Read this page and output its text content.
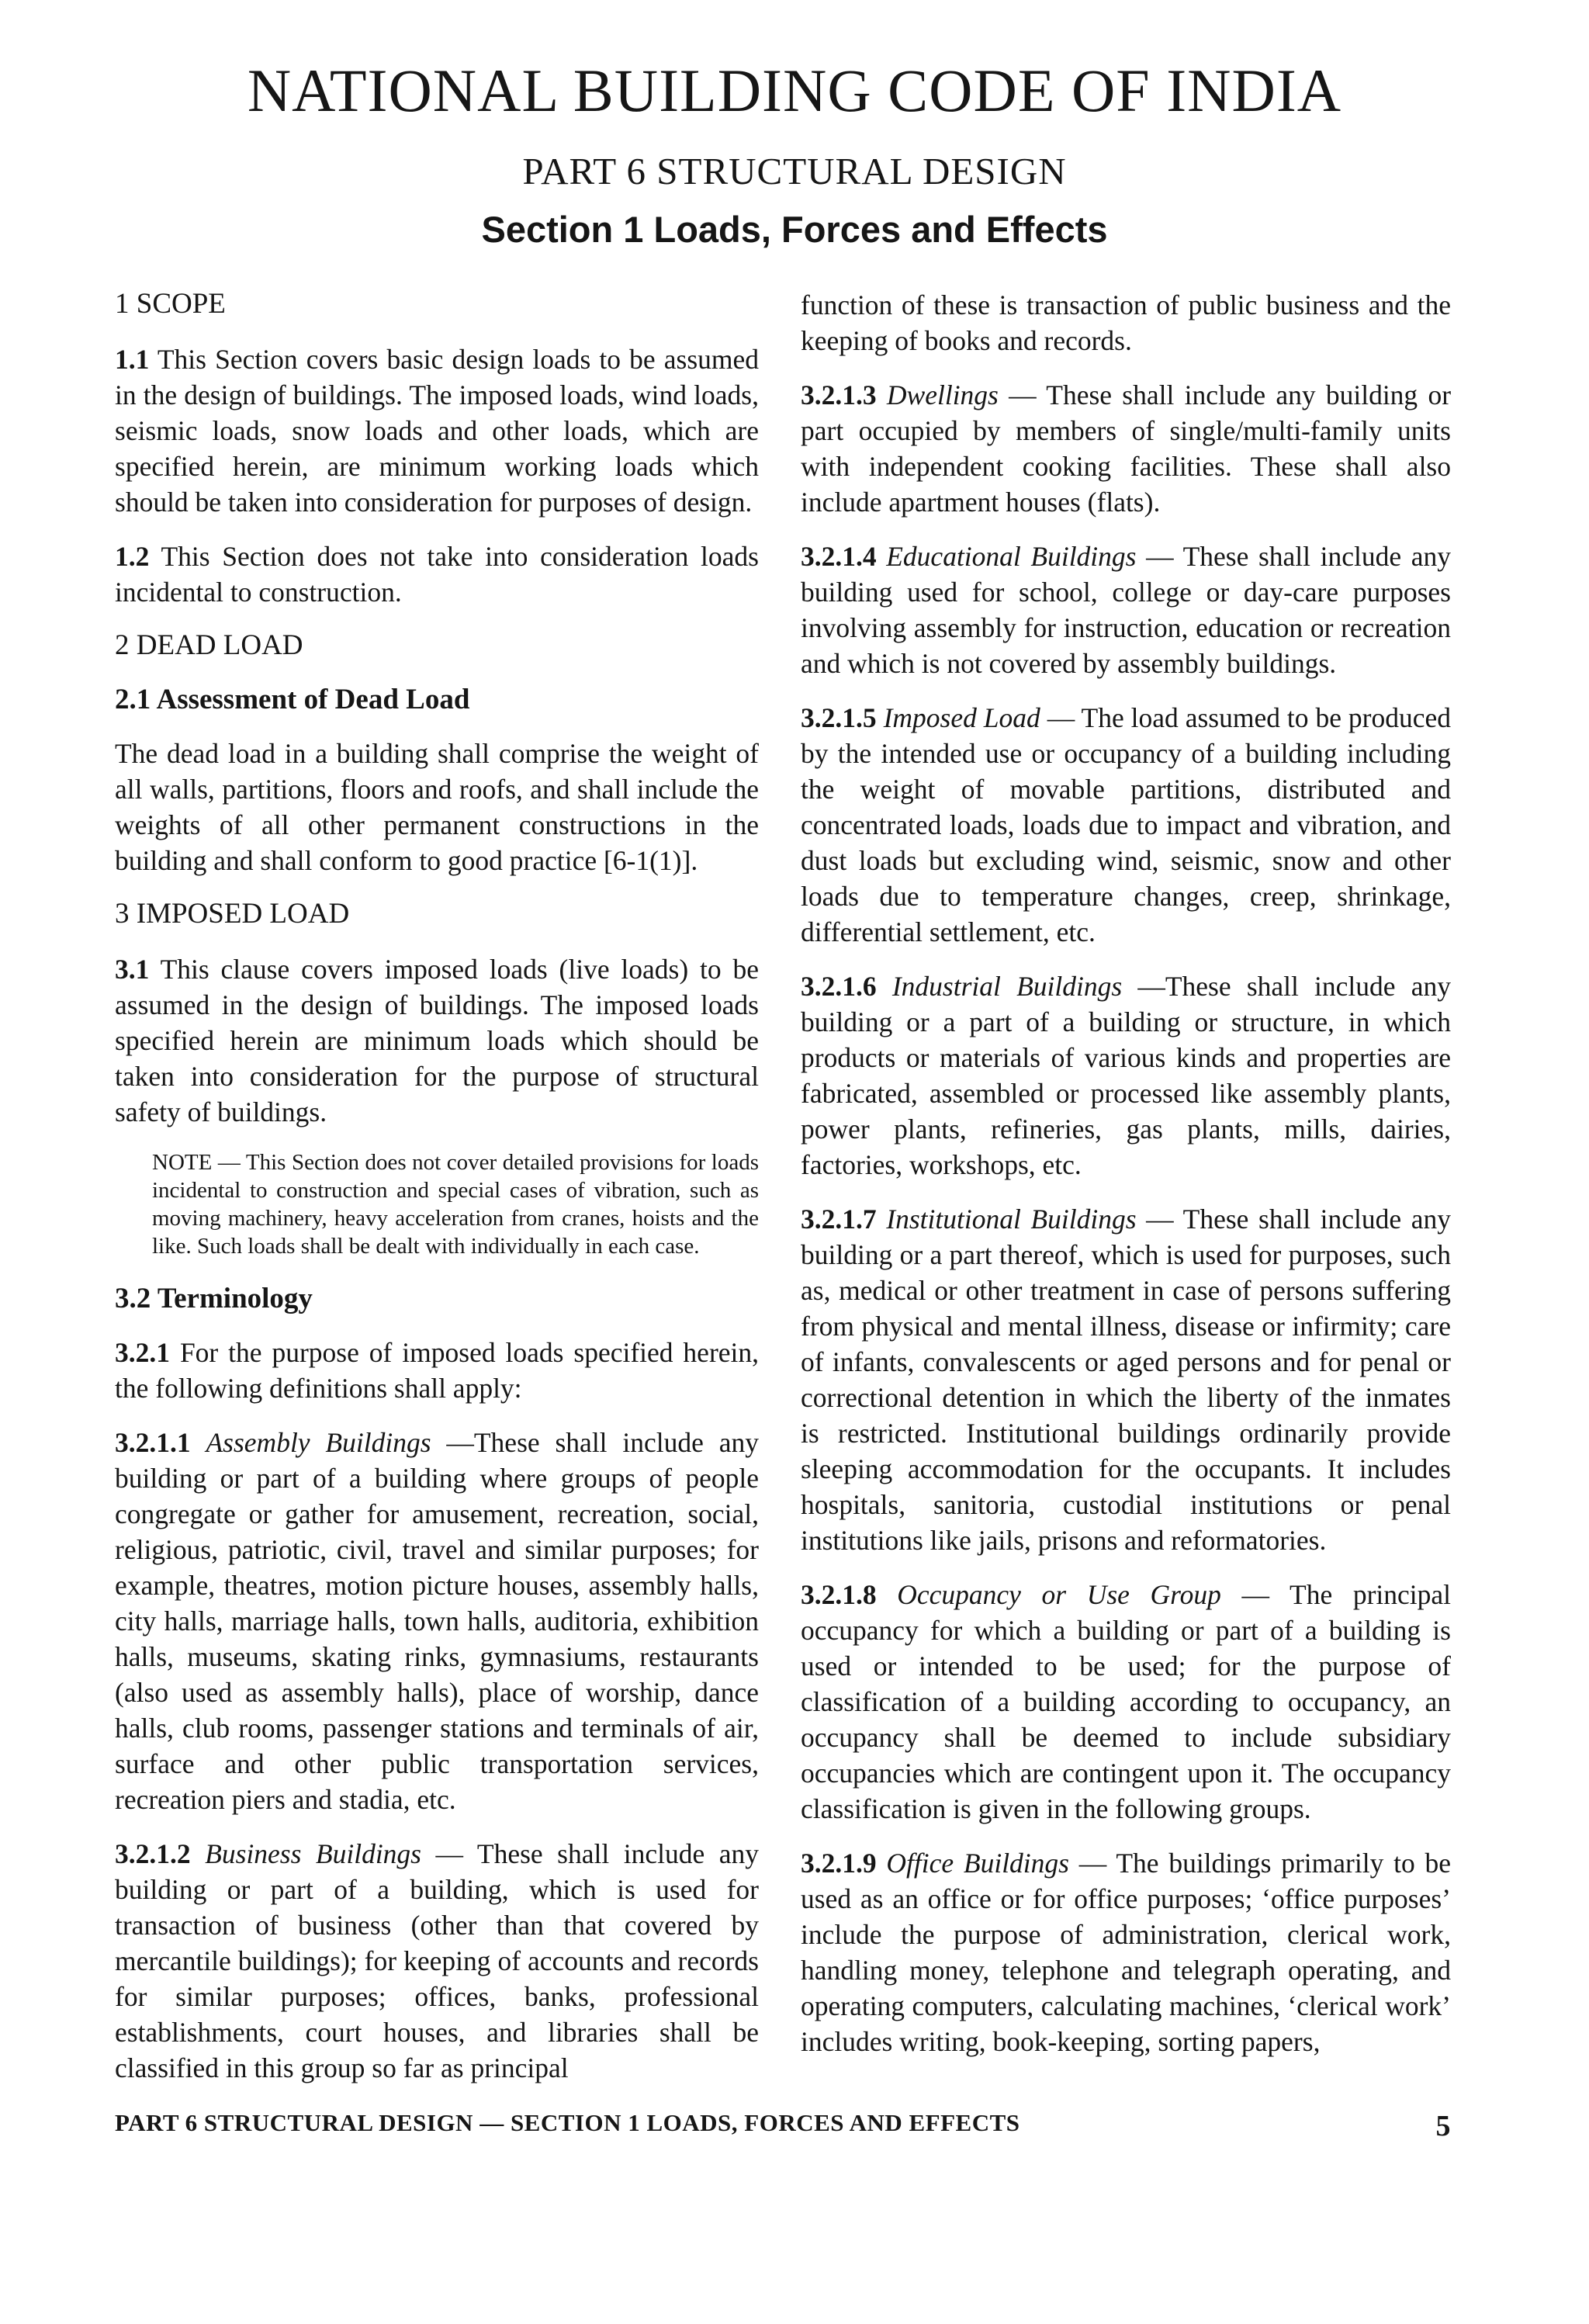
NATIONAL BUILDING CODE OF INDIA
PART 6 STRUCTURAL DESIGN
Section 1 Loads, Forces and Effects
1 SCOPE

1.1 This Section covers basic design loads to be assumed in the design of buildings. The imposed loads, wind loads, seismic loads, snow loads and other loads, which are specified herein, are minimum working loads which should be taken into consideration for purposes of design.

1.2 This Section does not take into consideration loads incidental to construction.

2 DEAD LOAD
2.1 Assessment of Dead Load

The dead load in a building shall comprise the weight of all walls, partitions, floors and roofs, and shall include the weights of all other permanent constructions in the building and shall conform to good practice [6-1(1)].

3 IMPOSED LOAD

3.1 This clause covers imposed loads (live loads) to be assumed in the design of buildings. The imposed loads specified herein are minimum loads which should be taken into consideration for the purpose of structural safety of buildings.

NOTE — This Section does not cover detailed provisions for loads incidental to construction and special cases of vibration, such as moving machinery, heavy acceleration from cranes, hoists and the like. Such loads shall be dealt with individually in each case.
3.2 Terminology

3.2.1 For the purpose of imposed loads specified herein, the following definitions shall apply:

3.2.1.1 Assembly Buildings —These shall include any building or part of a building where groups of people congregate or gather for amusement, recreation, social, religious, patriotic, civil, travel and similar purposes; for example, theatres, motion picture houses, assembly halls, city halls, marriage halls, town halls, auditoria, exhibition halls, museums, skating rinks, gymnasiums, restaurants (also used as assembly halls), place of worship, dance halls, club rooms, passenger stations and terminals of air, surface and other public transportation services, recreation piers and stadia, etc.

3.2.1.2 Business Buildings — These shall include any building or part of a building, which is used for transaction of business (other than that covered by mercantile buildings); for keeping of accounts and records for similar purposes; offices, banks, professional establishments, court houses, and libraries shall be classified in this group so far as principal

function of these is transaction of public business and the keeping of books and records.

3.2.1.3 Dwellings — These shall include any building or part occupied by members of single/multi-family units with independent cooking facilities. These shall also include apartment houses (flats).

3.2.1.4 Educational Buildings — These shall include any building used for school, college or day-care purposes involving assembly for instruction, education or recreation and which is not covered by assembly buildings.

3.2.1.5 Imposed Load — The load assumed to be produced by the intended use or occupancy of a building including the weight of movable partitions, distributed and concentrated loads, loads due to impact and vibration, and dust loads but excluding wind, seismic, snow and other loads due to temperature changes, creep, shrinkage, differential settlement, etc.

3.2.1.6 Industrial Buildings —These shall include any building or a part of a building or structure, in which products or materials of various kinds and properties are fabricated, assembled or processed like assembly plants, power plants, refineries, gas plants, mills, dairies, factories, workshops, etc.

3.2.1.7 Institutional Buildings — These shall include any building or a part thereof, which is used for purposes, such as, medical or other treatment in case of persons suffering from physical and mental illness, disease or infirmity; care of infants, convalescents or aged persons and for penal or correctional detention in which the liberty of the inmates is restricted. Institutional buildings ordinarily provide sleeping accommodation for the occupants. It includes hospitals, sanitoria, custodial institutions or penal institutions like jails, prisons and reformatories.

3.2.1.8 Occupancy or Use Group — The principal occupancy for which a building or part of a building is used or intended to be used; for the purpose of classification of a building according to occupancy, an occupancy shall be deemed to include subsidiary occupancies which are contingent upon it. The occupancy classification is given in the following groups.

3.2.1.9 Office Buildings — The buildings primarily to be used as an office or for office purposes; ‘office purposes’ include the purpose of administration, clerical work, handling money, telephone and telegraph operating, and operating computers, calculating machines, ‘clerical work’ includes writing, book-keeping, sorting papers,

PART 6 STRUCTURAL DESIGN — SECTION 1 LOADS, FORCES AND EFFECTS	5
